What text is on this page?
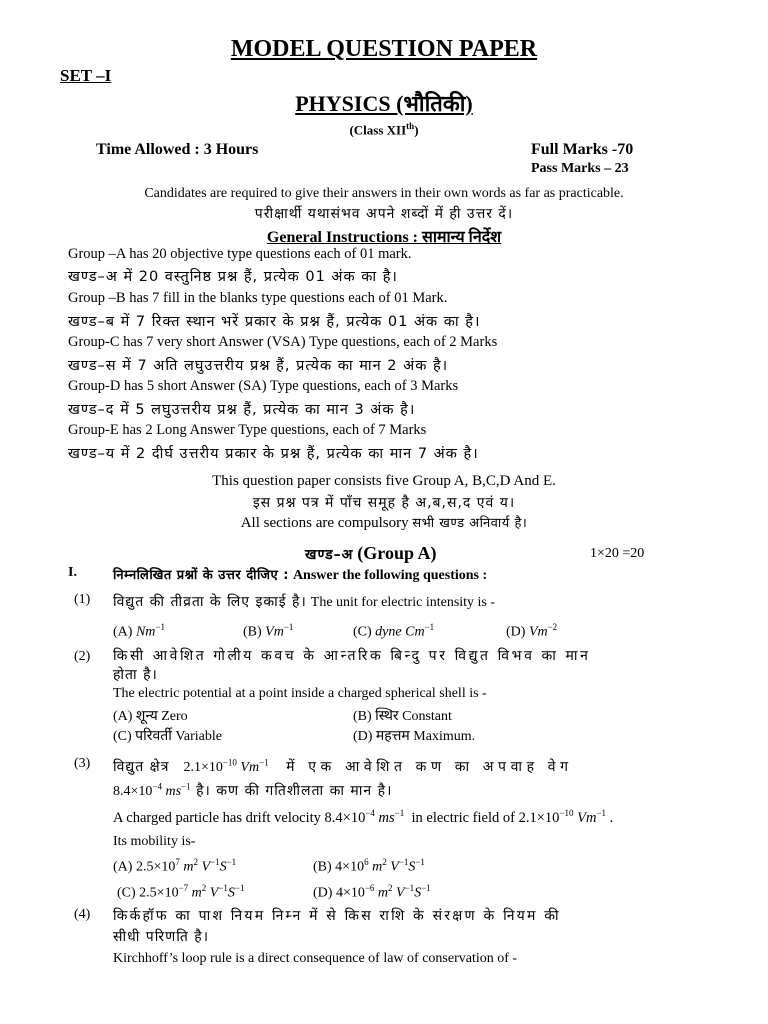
MODEL QUESTION PAPER
SET –I
PHYSICS (भौतिकी)
(Class XIIth)
Time Allowed : 3 Hours	Full Marks -70
Pass Marks – 23
Candidates are required to give their answers in their own words as far as practicable.
परीक्षार्थी यथासंभव अपने शब्दों में ही उत्तर दें।
General Instructions : सामान्य निर्देश
Group –A has 20 objective type questions each of 01 mark.
खण्ड–अ में 20 वस्तुनिष्ठ प्रश्न हैं, प्रत्येक 01 अंक का है।
Group –B has 7 fill in the blanks type questions each of 01 Mark.
खण्ड–ब में 7 रिक्त स्थान भरें प्रकार के प्रश्न हैं, प्रत्येक 01 अंक का है।
Group-C has 7 very short Answer (VSA) Type questions, each of 2 Marks
खण्ड–स में 7 अति लघुउत्तरीय प्रश्न हैं, प्रत्येक का मान 2 अंक है।
Group-D has 5 short Answer (SA) Type questions, each of 3 Marks
खण्ड–द में 5 लघुउत्तरीय प्रश्न हैं, प्रत्येक का मान 3 अंक है।
Group-E has 2 Long Answer Type questions, each of 7 Marks
खण्ड–य में 2 दीर्घ उत्तरीय प्रकार के प्रश्न हैं, प्रत्येक का मान 7 अंक है।
This question paper consists five Group A, B,C,D And E.
इस प्रश्न पत्र में पाँच समूह है अ,ब,स,द एवं य।
All sections are compulsory सभी खण्ड अनिवार्य है।
खण्ड–अ (Group A)	1×20 =20
I.	निम्नलिखित प्रश्नों के उत्तर दीजिए : Answer the following questions :
(1) विद्युत की तीव्रता के लिए इकाई है। The unit for electric intensity is -
(A) $Nm^{-1}$	(B) $Vm^{-1}$	(C) dyne $Cm^{-1}$	(D) $Vm^{-2}$
(2) किसी आवेशित गोलीय कवच के आन्तरिक बिन्दु पर विद्युत विभव का मान
होता है।
The electric potential at a point inside a charged spherical shell is -
(A) शून्य Zero	(B) स्थिर Constant
(C) परिवर्ती Variable	(D) महत्तम Maximum.
(3) विद्युत क्षेत्र $2.1\times 10^{-10}$ $Vm^{-1}$ में एक आवेशित कण का अपवाह वेग
$8.4\times 10^{-4}$ $ms^{-1}$ है। कण की गतिशीलता का मान है।
A charged particle has drift velocity $8.4\times 10^{-4}$ $ms^{-1}$ in electric field of $2.1\times 10^{-10}$ $Vm^{-1}$ .
Its mobility is-
(A) $2.5\times 10^7$ $m^2$ $V^{-1}S^{-1}$	(B) $4\times 10^6$ $m^2$ $V^{-1}S^{-1}$
(C) $2.5\times 10^{-7}$ $m^2$ $V^{-1}S^{-1}$	(D) $4\times 10^{-6}$ $m^2$ $V^{-1}S^{-1}$
(4) किर्कहॉफ का पाश नियम निम्न में से किस राशि के संरक्षण के नियम की
सीधी परिणति है।
Kirchhoff’s loop rule is a direct consequence of law of conservation of -
